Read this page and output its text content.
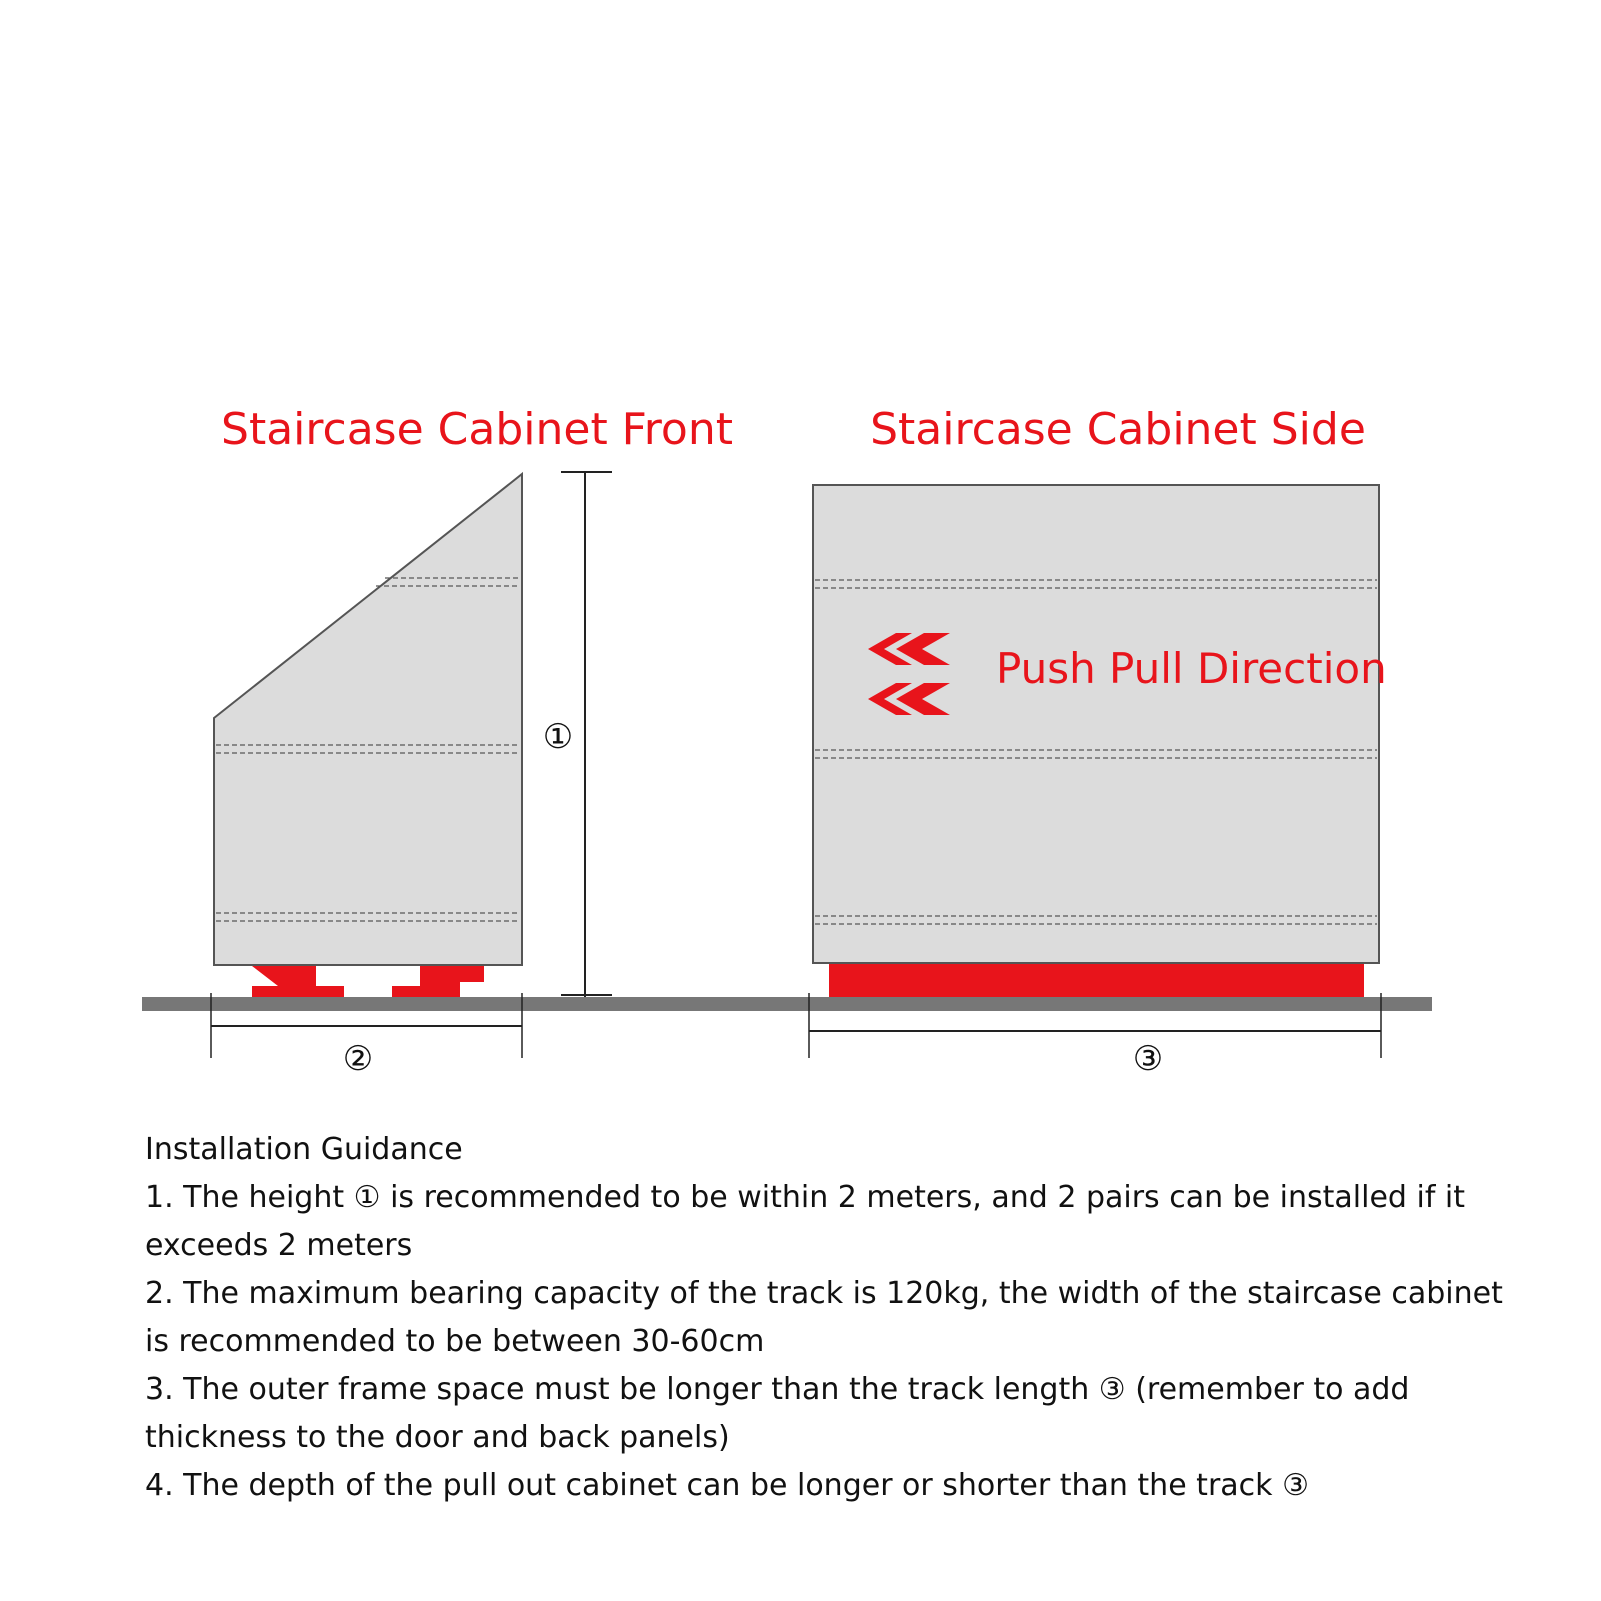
Staircase Cabinet Front	Staircase Cabinet Side
①
②
Push Pull Direction
③

Installation Guidance

1. The height ① is recommended to be within 2 meters, and 2 pairs can be installed if it exceeds 2 meters

2. The maximum bearing capacity of the track is 120kg, the width of the staircase cabinet is recommended to be between 30-60cm

3. The outer frame space must be longer than the track length ③ (remember to add thickness to the door and back panels)

4. The depth of the pull out cabinet can be longer or shorter than the track ③
